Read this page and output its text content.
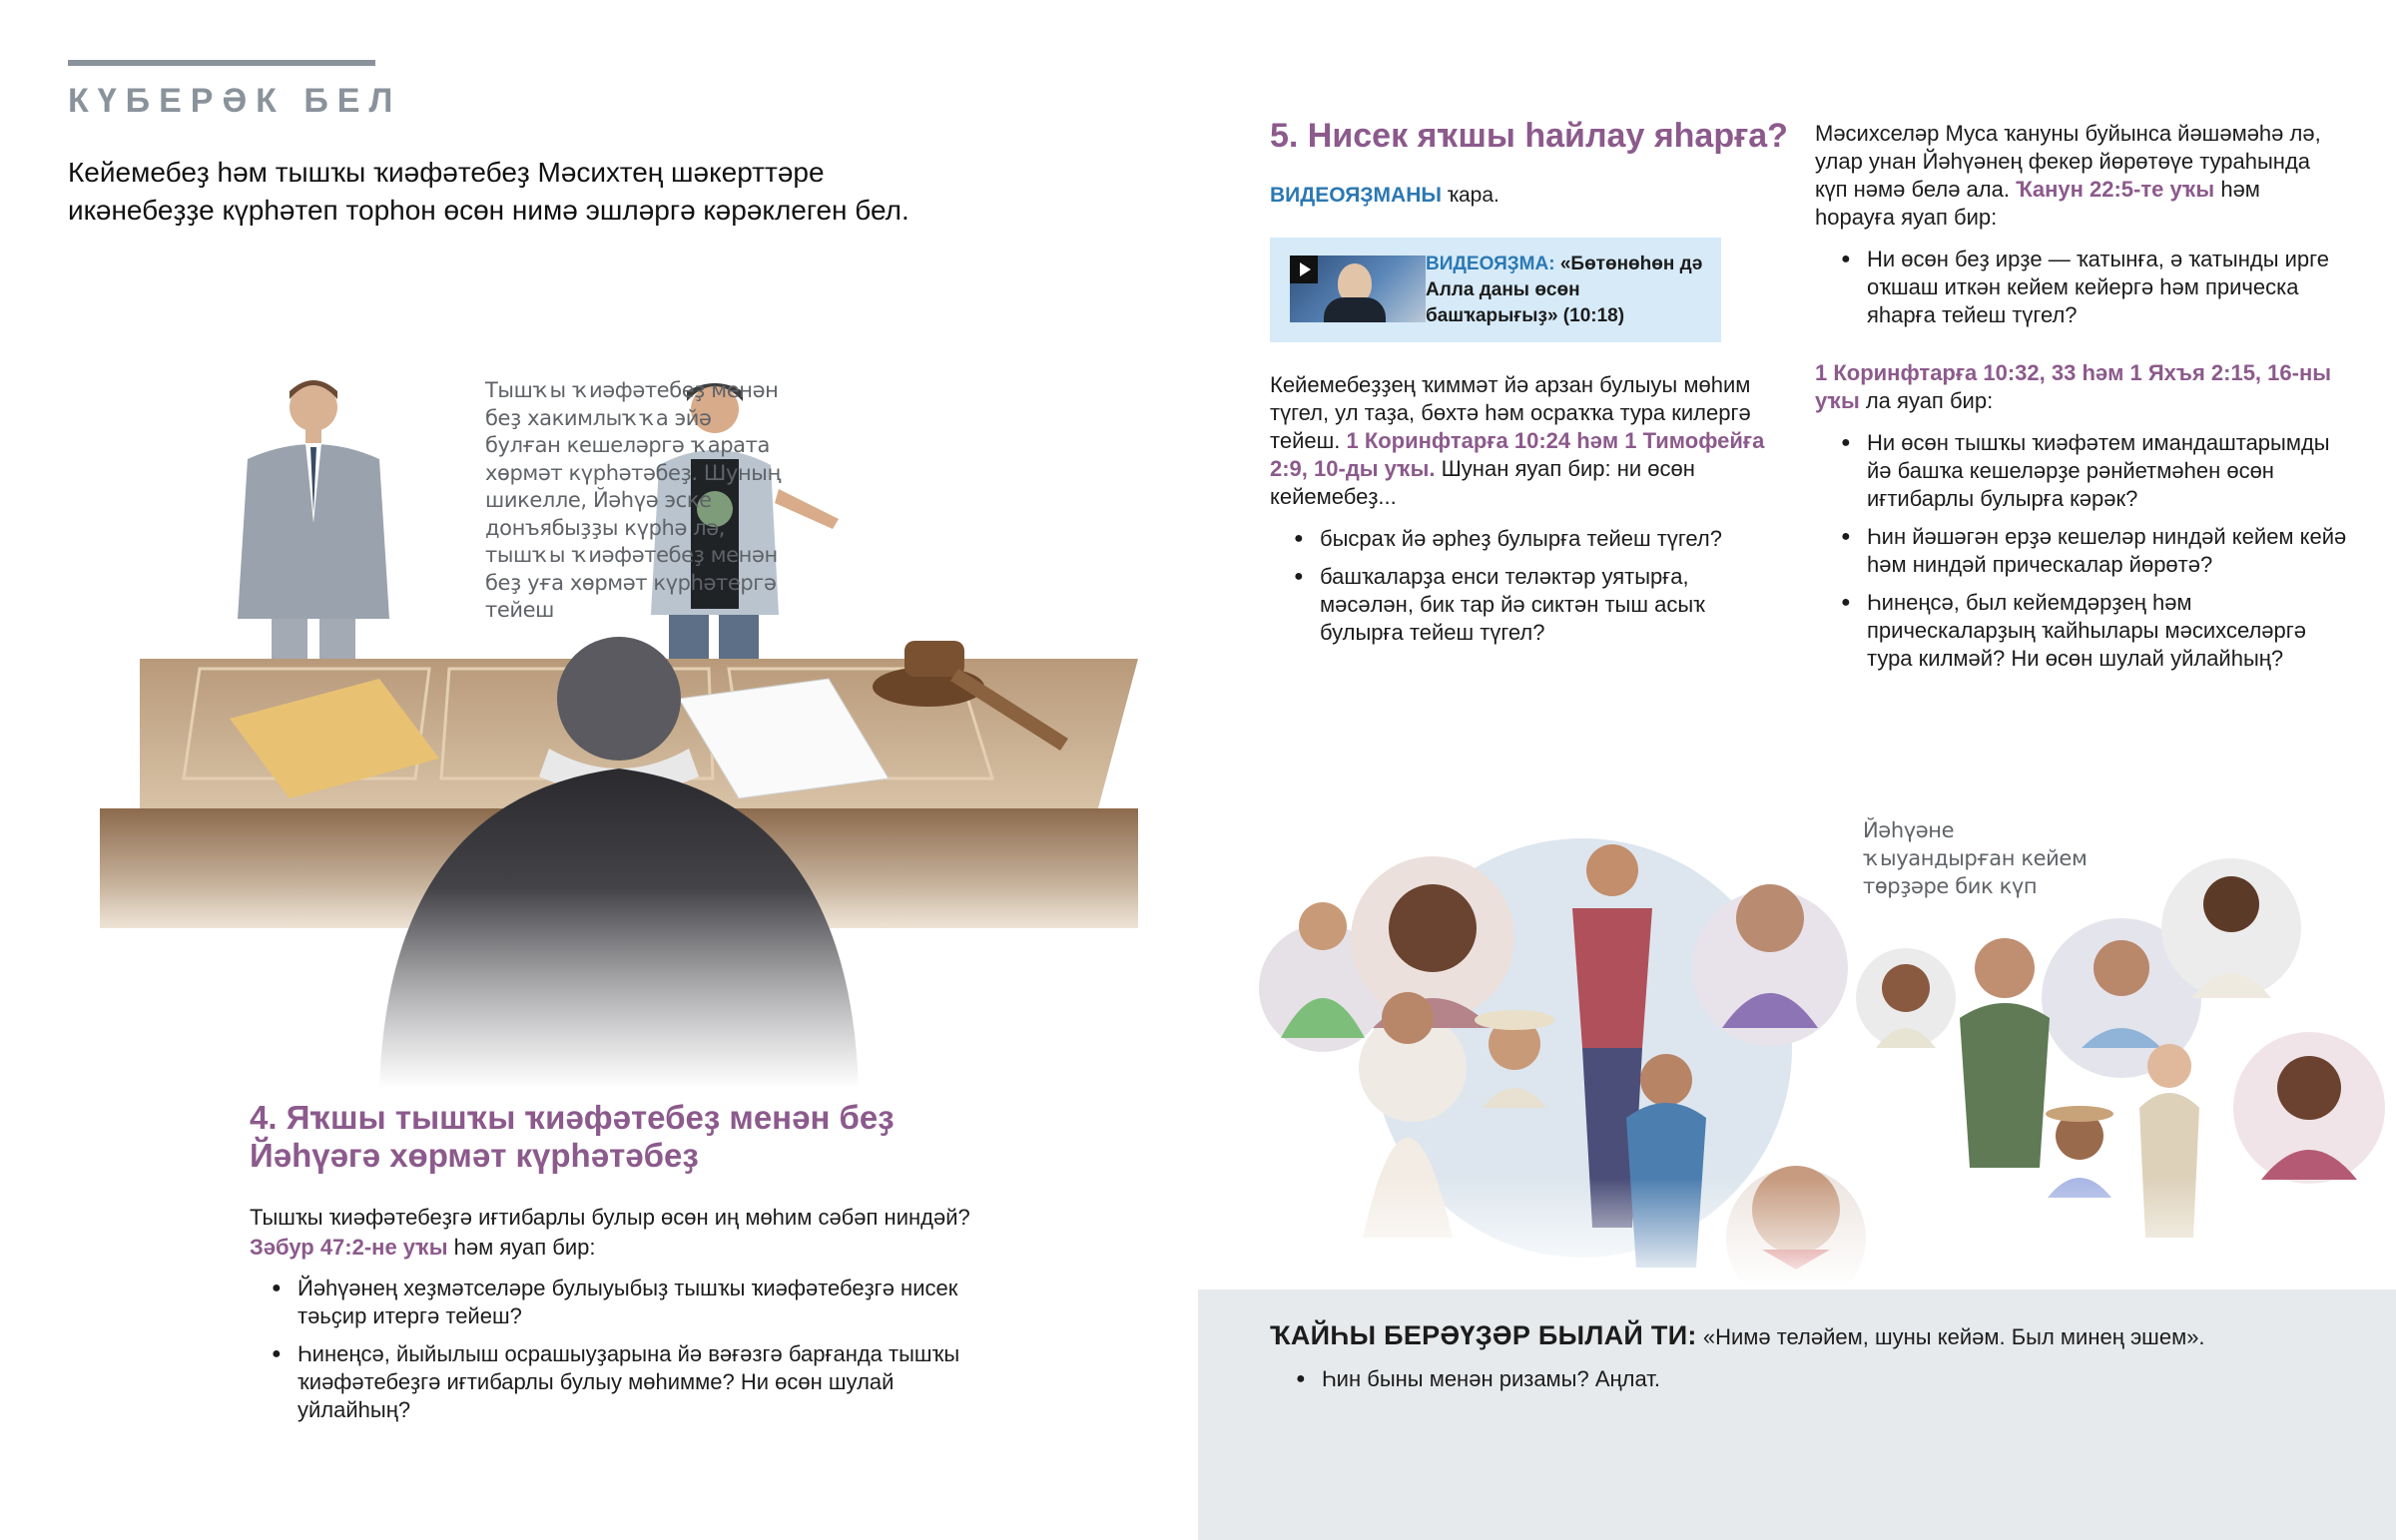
КҮБЕРӘК БЕЛ

Кейемебеҙ һәм тышҡы ҡиәфәтебеҙ Мәсихтең шәкерттәре икәнебеҙҙе күрһәтеп торһон өсөн нимә эшләргә кәрәклеген бел.

Тышҡы ҡиәфәтебеҙ менән беҙ хакимлыҡҡа эйә булған кешеләргә ҡарата хөрмәт күрһәтәбеҙ. Шуның шикелле, Йәһүә эске донъябыҙҙы күрһә лә, тышҡы ҡиәфәтебеҙ менән беҙ уға хөрмәт күрһәтергә тейеш

4. Яҡшы тышҡы ҡиәфәтебеҙ менән беҙ Йәһүәгә хөрмәт күрһәтәбеҙ

Тышҡы ҡиәфәтебеҙгә иғтибарлы булыр өсөн иң мөһим сәбәп ниндәй?
Зәбур 47:2-не уҡы һәм яуап бир:

● Йәһүәнең хеҙмәтселәре булыуыбыҙ тышҡы ҡиәфәтебеҙгә нисек тәьҫир итергә тейеш?
● Һинеңсә, йыйылыш осрашыуҙарына йә вәғәзгә барғанда тышҡы ҡиәфәтебеҙгә иғтибарлы булыу мөһимме? Ни өсөн шулай уйлайһың?
5. Нисек яҡшы һайлау яһарға?

ВИДЕОЯҘМАНЫ ҡара.

ВИДЕОЯҘМА: «Бөтөнөһөн дә Алла даны өсөн башҡарығыҙ» (10:18)

Кейемебеҙҙең ҡиммәт йә арзан булыуы мөһим түгел, ул таҙа, бөхтә һәм осраҡҡа тура килергә тейеш. 1 Коринфтарға 10:24 һәм 1 Тимофейға 2:9, 10-ды уҡы. Шунан яуап бир: ни өсөн кейемебеҙ...

● бысраҡ йә әрһеҙ булырға тейеш түгел?
● башҡаларҙа енси теләктәр уятырға, мәсәлән, бик тар йә сиктән тыш асыҡ булырға тейеш түгел?

Мәсихселәр Муса ҡануны буйынса йәшәмәһә лә, улар унан Йәһүәнең фекер йөрөтөүе тураһында күп нәмә белә ала. Ҡанун 22:5-те уҡы һәм һорауға яуап бир:

● Ни өсөн беҙ ирҙе — ҡатынға, ә ҡатынды ирге оҡшаш иткән кейем кейергә һәм прическа яһарға тейеш түгел?

1 Коринфтарға 10:32, 33 һәм 1 Яхъя 2:15, 16-ны уҡы ла яуап бир:

● Ни өсөн тышҡы ҡиәфәтем имандаштарымды йә башҡа кешеләрҙе рәнйетмәһен өсөн иғтибарлы булырға кәрәк?
● Һин йәшәгән ерҙә кешеләр ниндәй кейем кейә һәм ниндәй прическалар йөрөтә?
● Һинеңсә, был кейемдәрҙең һәм прическаларҙың ҡайһылары мәсихселәргә тура килмәй? Ни өсөн шулай уйлайһың?

Йәһүәне ҡыуандырған кейем төрҙәре бик күп

ҠАЙҺЫ БЕРӘҮҘӘР БЫЛАЙ ТИ: «Нимә теләйем, шуны кейәм. Был минең эшем».

● Һин быны менән ризамы? Аңлат.
